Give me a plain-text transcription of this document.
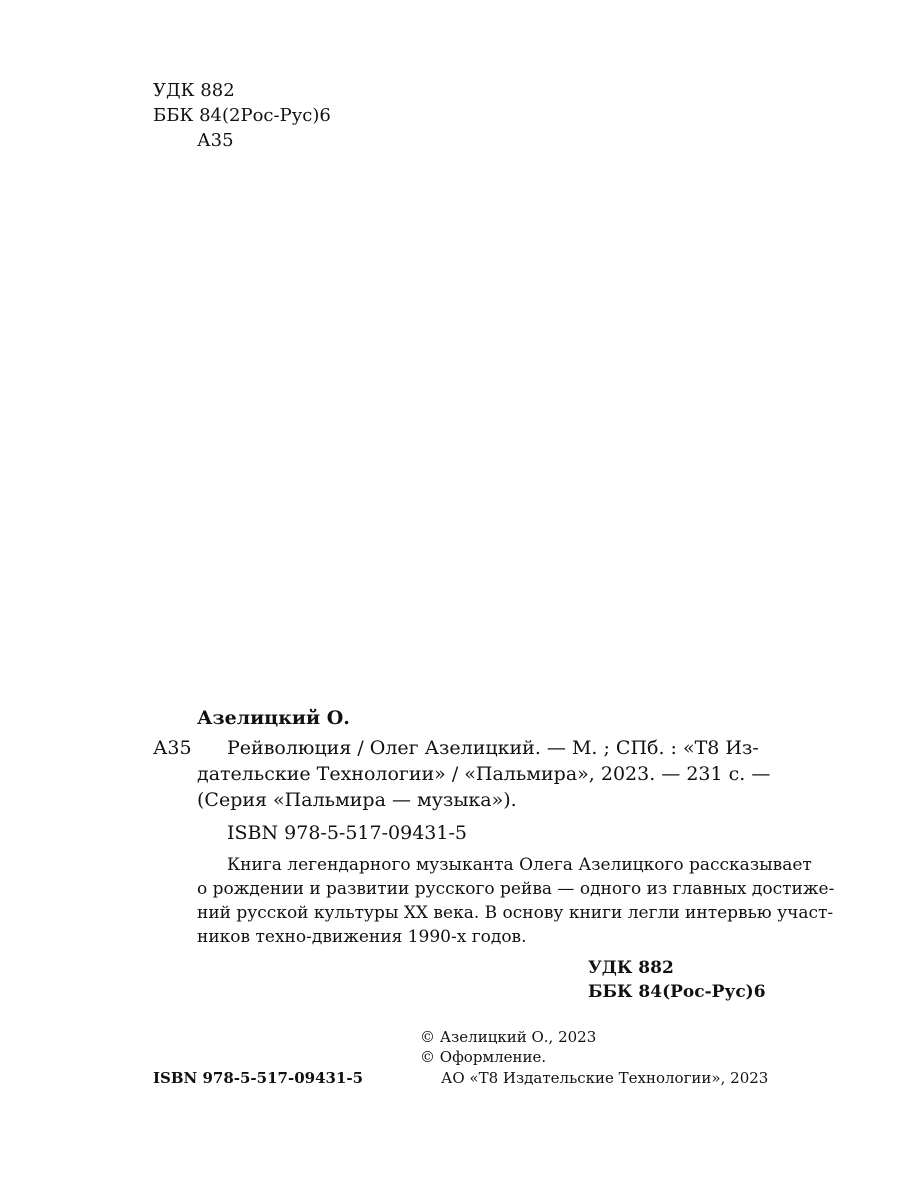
УДК 882
ББК 84(2Рос-Рус)6
А35
Азелицкий О.
А35 Рейволюция / Олег Азелицкий. — М. ; СПб. : «Т8 Из-
дательские Технологии» / «Пальмира», 2023. — 231 с. —
(Серия «Пальмира — музыка»).
ISBN 978-5-517-09431-5
Книга легендарного музыканта Олега Азелицкого рассказывает
о рождении и развитии русского рейва — одного из главных достиже-
ний русской культуры XX века. В основу книги легли интервью участ-
ников техно-движения 1990-х годов.
УДК 882
ББК 84(Рос-Рус)6
© Азелицкий О., 2023
© Оформление.
АО «Т8 Издательские Технологии», 2023
ISBN 978-5-517-09431-5
